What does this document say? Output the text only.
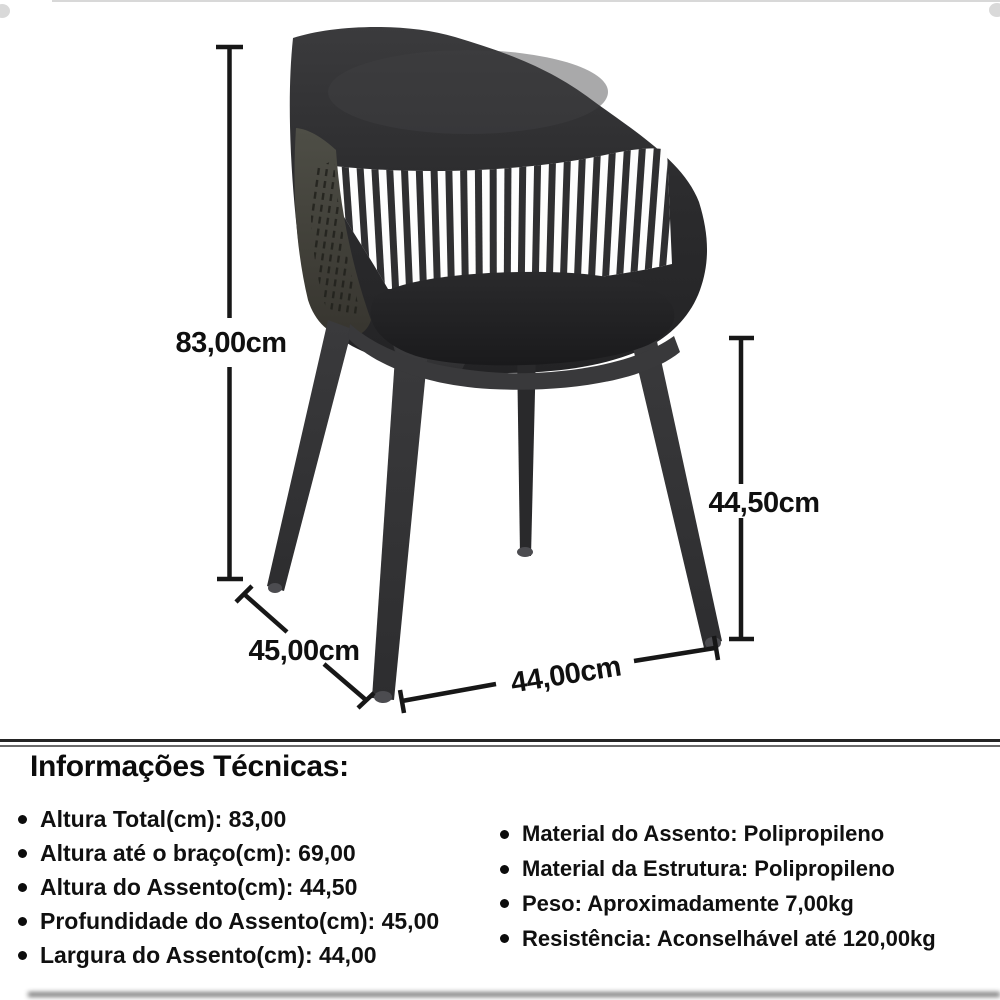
83,00cm
44,50cm
45,00cm	44,00cm
Informações Técnicas:
Altura Total(cm): 83,00
Altura até o braço(cm): 69,00
Altura do Assento(cm): 44,50
Profundidade do Assento(cm): 45,00
Largura do Assento(cm): 44,00
Material do Assento: Polipropileno
Material da Estrutura: Polipropileno
Peso: Aproximadamente 7,00kg
Resistência: Aconselhável até 120,00kg
